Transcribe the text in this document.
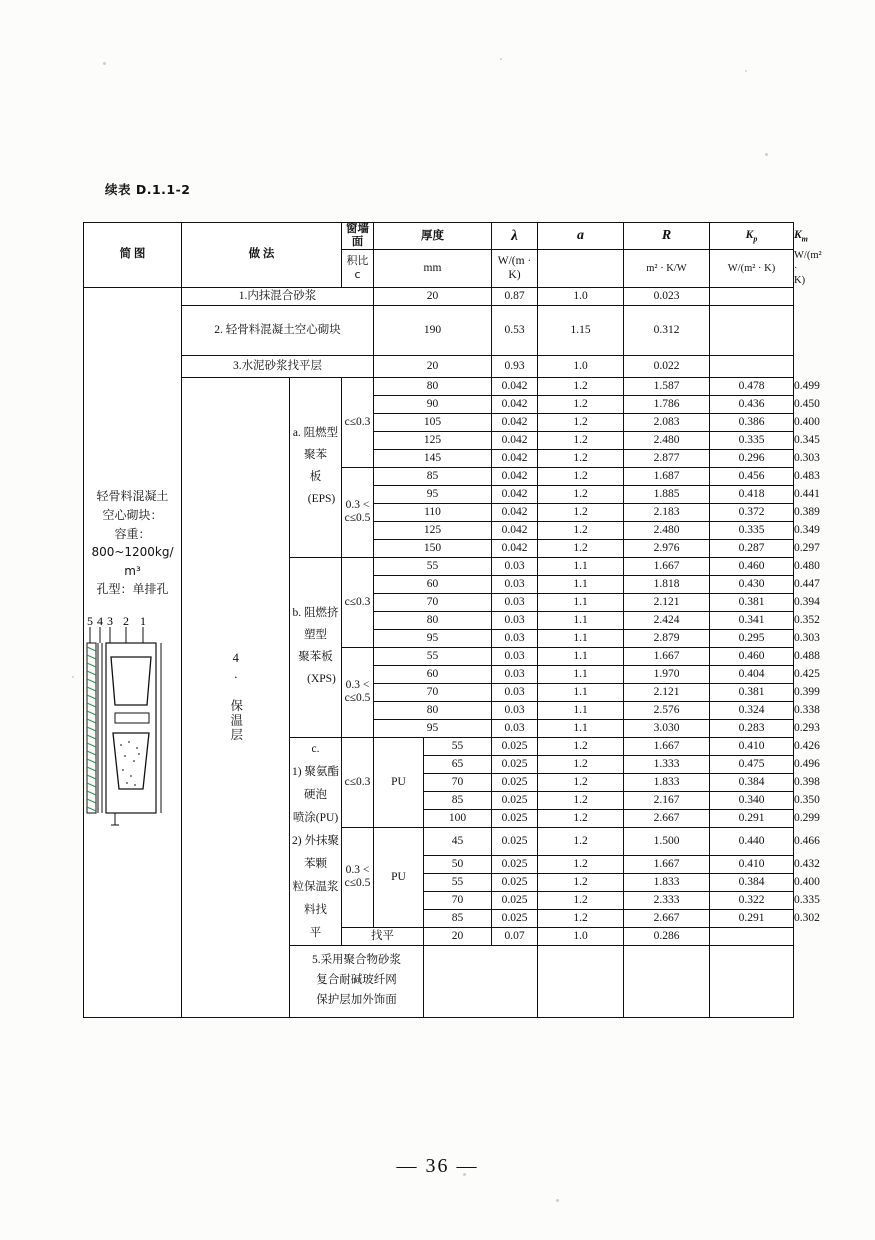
续表 D.1.1-2
简 图	做 法		窗墙面	厚度		λ	a	R	$K_p$	$K_m$
			积比 c	mm		W/(m · K)		m² · K/W	W/(m² · K)	W/(m² · K)

轻骨料混凝土
空心砌块：
容重：
800~1200kg/
m³
孔型：单排孔
5 4 3 2 1
	1.内抹混合砂浆	20	0.87	1.0	0.023		
	2. 轻骨料混凝土空心砌块			190		0.53	1.15	0.312		
	3.水泥砂浆找平层			20		0.93	1.0	0.022		

	4. 保温层	a. 阻燃型聚苯
板
(EPS)	c≤0.3	80		0.042	1.2	1.587	0.478	0.499
				90		0.042	1.2	1.786	0.436	0.450
				105		0.042	1.2	2.083	0.386	0.400
				125		0.042	1.2	2.480	0.335	0.345
				145		0.042	1.2	2.877	0.296	0.303

			0.3 <
c≤0.5	85		0.042	1.2	1.687	0.456	0.483
				95		0.042	1.2	1.885	0.418	0.441
				110		0.042	1.2	2.183	0.372	0.389
				125		0.042	1.2	2.480	0.335	0.349
				150		0.042	1.2	2.976	0.287	0.297

		b. 阻燃挤塑型
聚苯板
(XPS)	c≤0.3	55		0.03	1.1	1.667	0.460	0.480
				60		0.03	1.1	1.818	0.430	0.447
				70		0.03	1.1	2.121	0.381	0.394
				80		0.03	1.1	2.424	0.341	0.352
				95		0.03	1.1	2.879	0.295	0.303

			0.3 <
c≤0.5	55		0.03	1.1	1.667	0.460	0.488
				60		0.03	1.1	1.970	0.404	0.425
				70		0.03	1.1	2.121	0.381	0.399
				80		0.03	1.1	2.576	0.324	0.338
				95		0.03	1.1	3.030	0.283	0.293

c.
1) 聚氨酯硬泡
喷涂(PU)
2) 外抹聚苯颗
粒保温浆料找
平
	c≤0.3	PU	55	0.025	1.2	1.667	0.410	0.426
					65	0.025	1.2	1.333	0.475	0.496
					70	0.025	1.2	1.833	0.384	0.398
					85	0.025	1.2	2.167	0.340	0.350
					100	0.025	1.2	2.667	0.291	0.299

			0.3 <
c≤0.5	PU	45	0.025	1.2	1.500	0.440	0.466
					50	0.025	1.2	1.667	0.410	0.432
					55	0.025	1.2	1.833	0.384	0.400
					70	0.025	1.2	2.333	0.322	0.335
					85	0.025	1.2	2.667	0.291	0.302
			找平		20	0.07	1.0	0.286		

		5.采用聚合物砂浆
复合耐碱玻纤网
保护层加外饰面								

— 36 —
